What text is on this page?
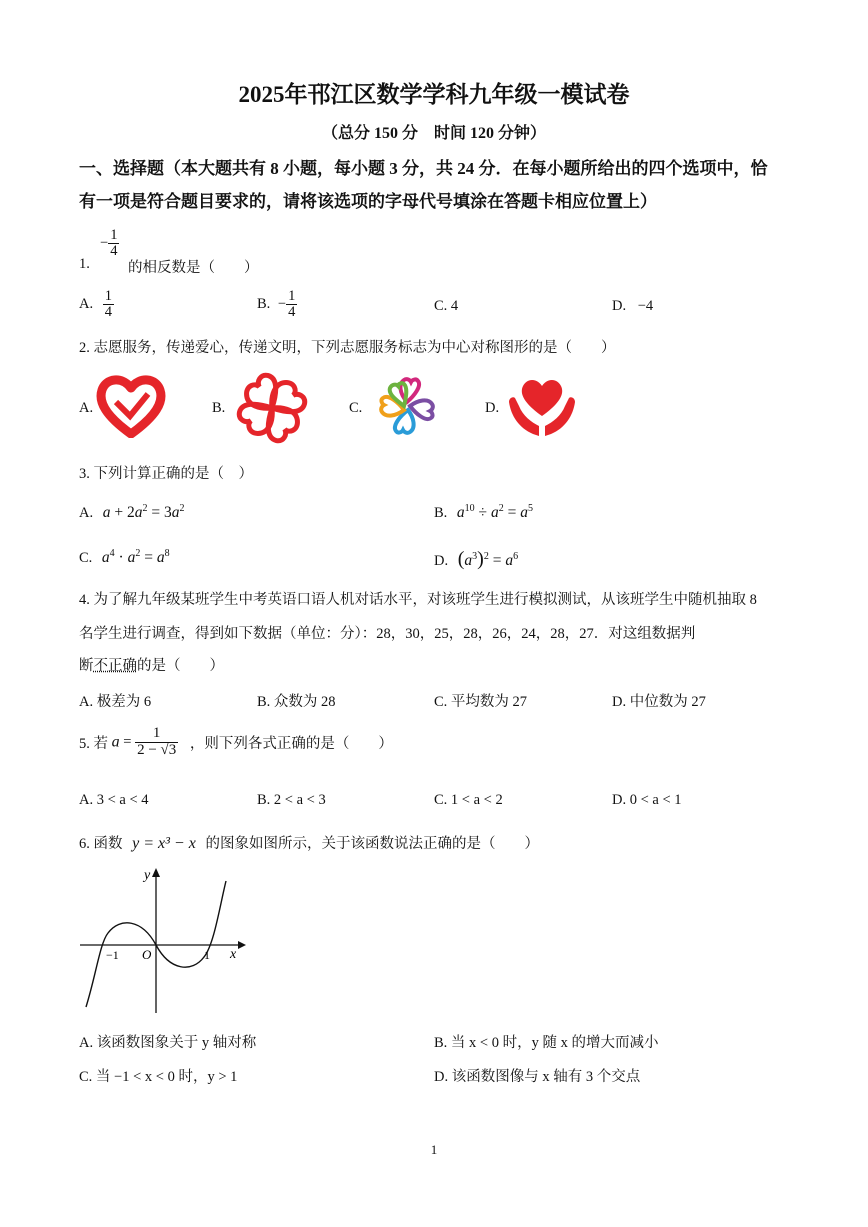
2025年邗江区数学学科九年级一模试卷
（总分 150 分　时间 120 分钟）
一、选择题（本大题共有 8 小题，每小题 3 分，共 24 分．在每小题所给出的四个选项中，恰
有一项是符合题目要求的，请将该选项的字母代号填涂在答题卡相应位置上）
1.
− $\frac{1}{4}$
的相反数是（　　）
A. $\frac{1}{4}$	B. − $\frac{1}{4}$	C. 4	D. −4
2. 志愿服务，传递爱心，传递文明，下列志愿服务标志为中心对称图形的是（　　）
A.	B.	C.	D.
3. 下列计算正确的是（　）
A. $a + 2a^2 = 3a^2$	B. $a^{10} \div a^2 = a^5$
C. $a^4 \cdot a^2 = a^8$	D. $(a^3)^2 = a^6$
4. 为了解九年级某班学生中考英语口语人机对话水平，对该班学生进行模拟测试，从该班学生中随机抽取 8
名学生进行调查，得到如下数据（单位：分）：28，30，25，28，26，24，28，27．对这组数据判
断不正确的是（　　）
A. 极差为 6	B. 众数为 28	C. 平均数为 27	D. 中位数为 27
5. 若 $a = \frac{1}{2 - √3}$ ，则下列各式正确的是（　　）
A. 3 < a < 4	B. 2 < a < 3	C. 1 < a < 2	D. 0 < a < 1
6. 函数 y = x³ − x 的图象如图所示，关于该函数说法正确的是（　　）
y
x
O
−1	1
A. 该函数图象关于 y 轴对称	B. 当 x < 0 时，y 随 x 的增大而减小
C. 当 −1 < x < 0 时，y > 1	D. 该函数图像与 x 轴有 3 个交点
1
